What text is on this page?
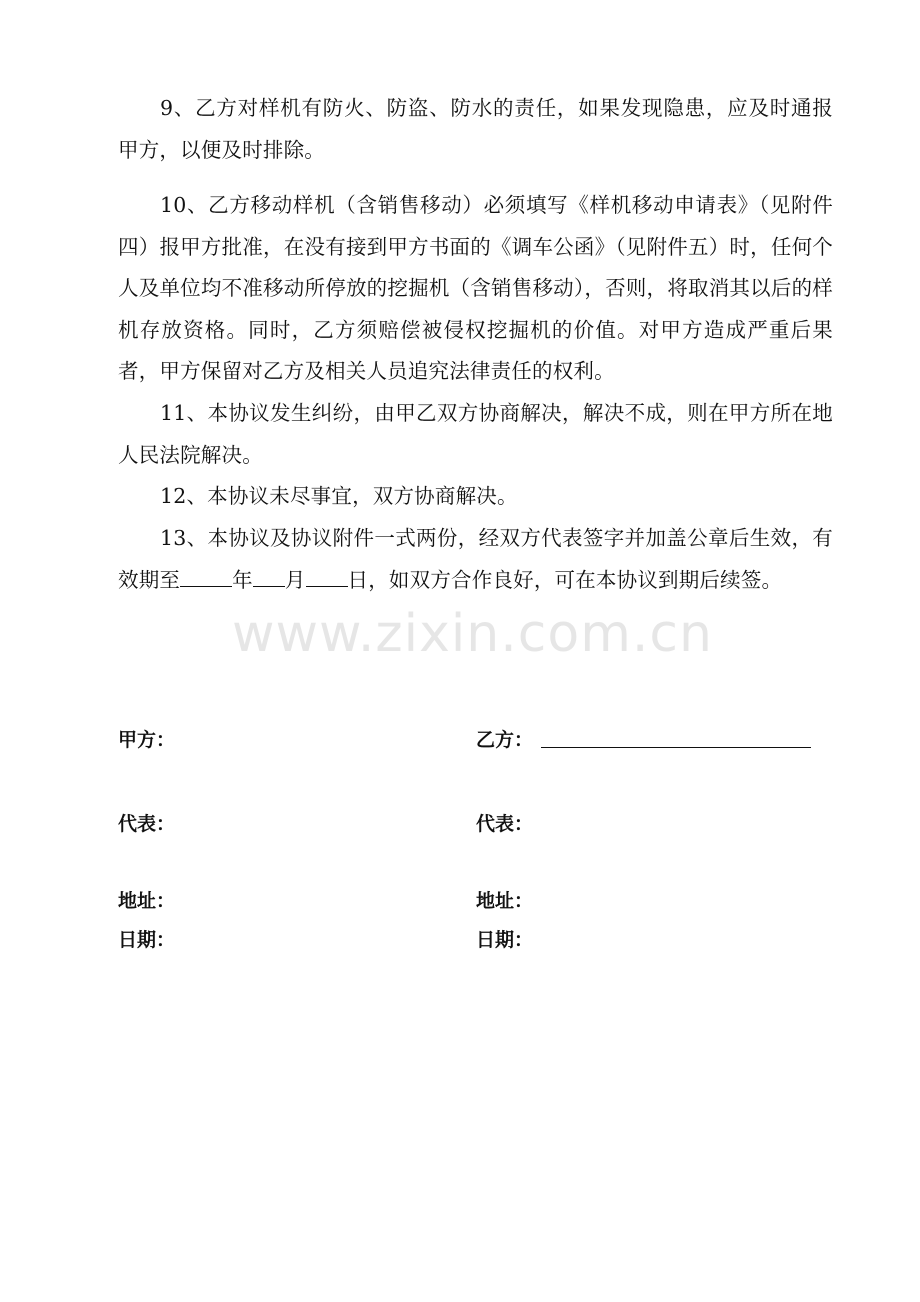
9、乙方对样机有防火、防盗、防水的责任，如果发现隐患，应及时通报甲方，以便及时排除。

10、乙方移动样机（含销售移动）必须填写《样机移动申请表》（见附件四）报甲方批准，在没有接到甲方书面的《调车公函》（见附件五）时，任何个人及单位均不准移动所停放的挖掘机（含销售移动），否则，将取消其以后的样机存放资格。同时，乙方须赔偿被侵权挖掘机的价值。对甲方造成严重后果者，甲方保留对乙方及相关人员追究法律责任的权利。

11、本协议发生纠纷，由甲乙双方协商解决，解决不成，则在甲方所在地人民法院解决。

12、本协议未尽事宜，双方协商解决。

13、本协议及协议附件一式两份，经双方代表签字并加盖公章后生效，有效期至	年 月 日，如双方合作良好，可在本协议到期后续签。

www.zixin.com.cn
甲方：	乙方：
代表：	代表：
地址：	地址：
日期：	日期：
